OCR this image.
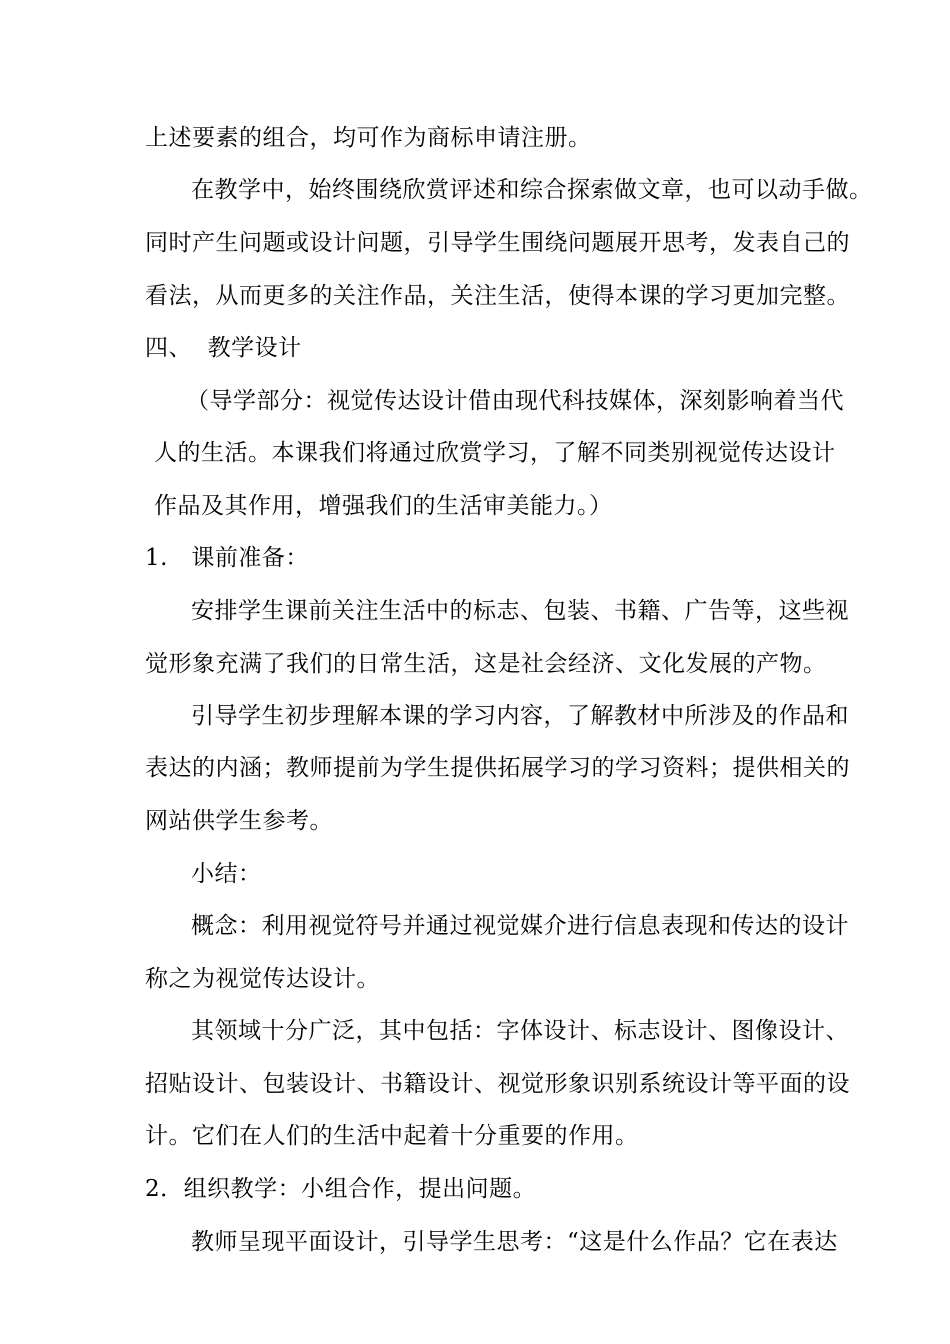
上述要素的组合，均可作为商标申请注册。
在教学中，始终围绕欣赏评述和综合探索做文章，也可以动手做。
同时产生问题或设计问题，引导学生围绕问题展开思考，发表自己的
看法，从而更多的关注作品，关注生活，使得本课的学习更加完整。
四、  教学设计
（导学部分：视觉传达设计借由现代科技媒体，深刻影响着当代
人的生活。本课我们将通过欣赏学习，了解不同类别视觉传达设计
作品及其作用，增强我们的生活审美能力。）
1.   课前准备：
安排学生课前关注生活中的标志、包装、书籍、广告等，这些视
觉形象充满了我们的日常生活，这是社会经济、文化发展的产物。
引导学生初步理解本课的学习内容，了解教材中所涉及的作品和
表达的内涵；教师提前为学生提供拓展学习的学习资料；提供相关的
网站供学生参考。
小结：
概念：利用视觉符号并通过视觉媒介进行信息表现和传达的设计
称之为视觉传达设计。
其领域十分广泛，其中包括：字体设计、标志设计、图像设计、
招贴设计、包装设计、书籍设计、视觉形象识别系统设计等平面的设
计。它们在人们的生活中起着十分重要的作用。
2．组织教学：小组合作，提出问题。
教师呈现平面设计，引导学生思考：“这是什么作品？它在表达
